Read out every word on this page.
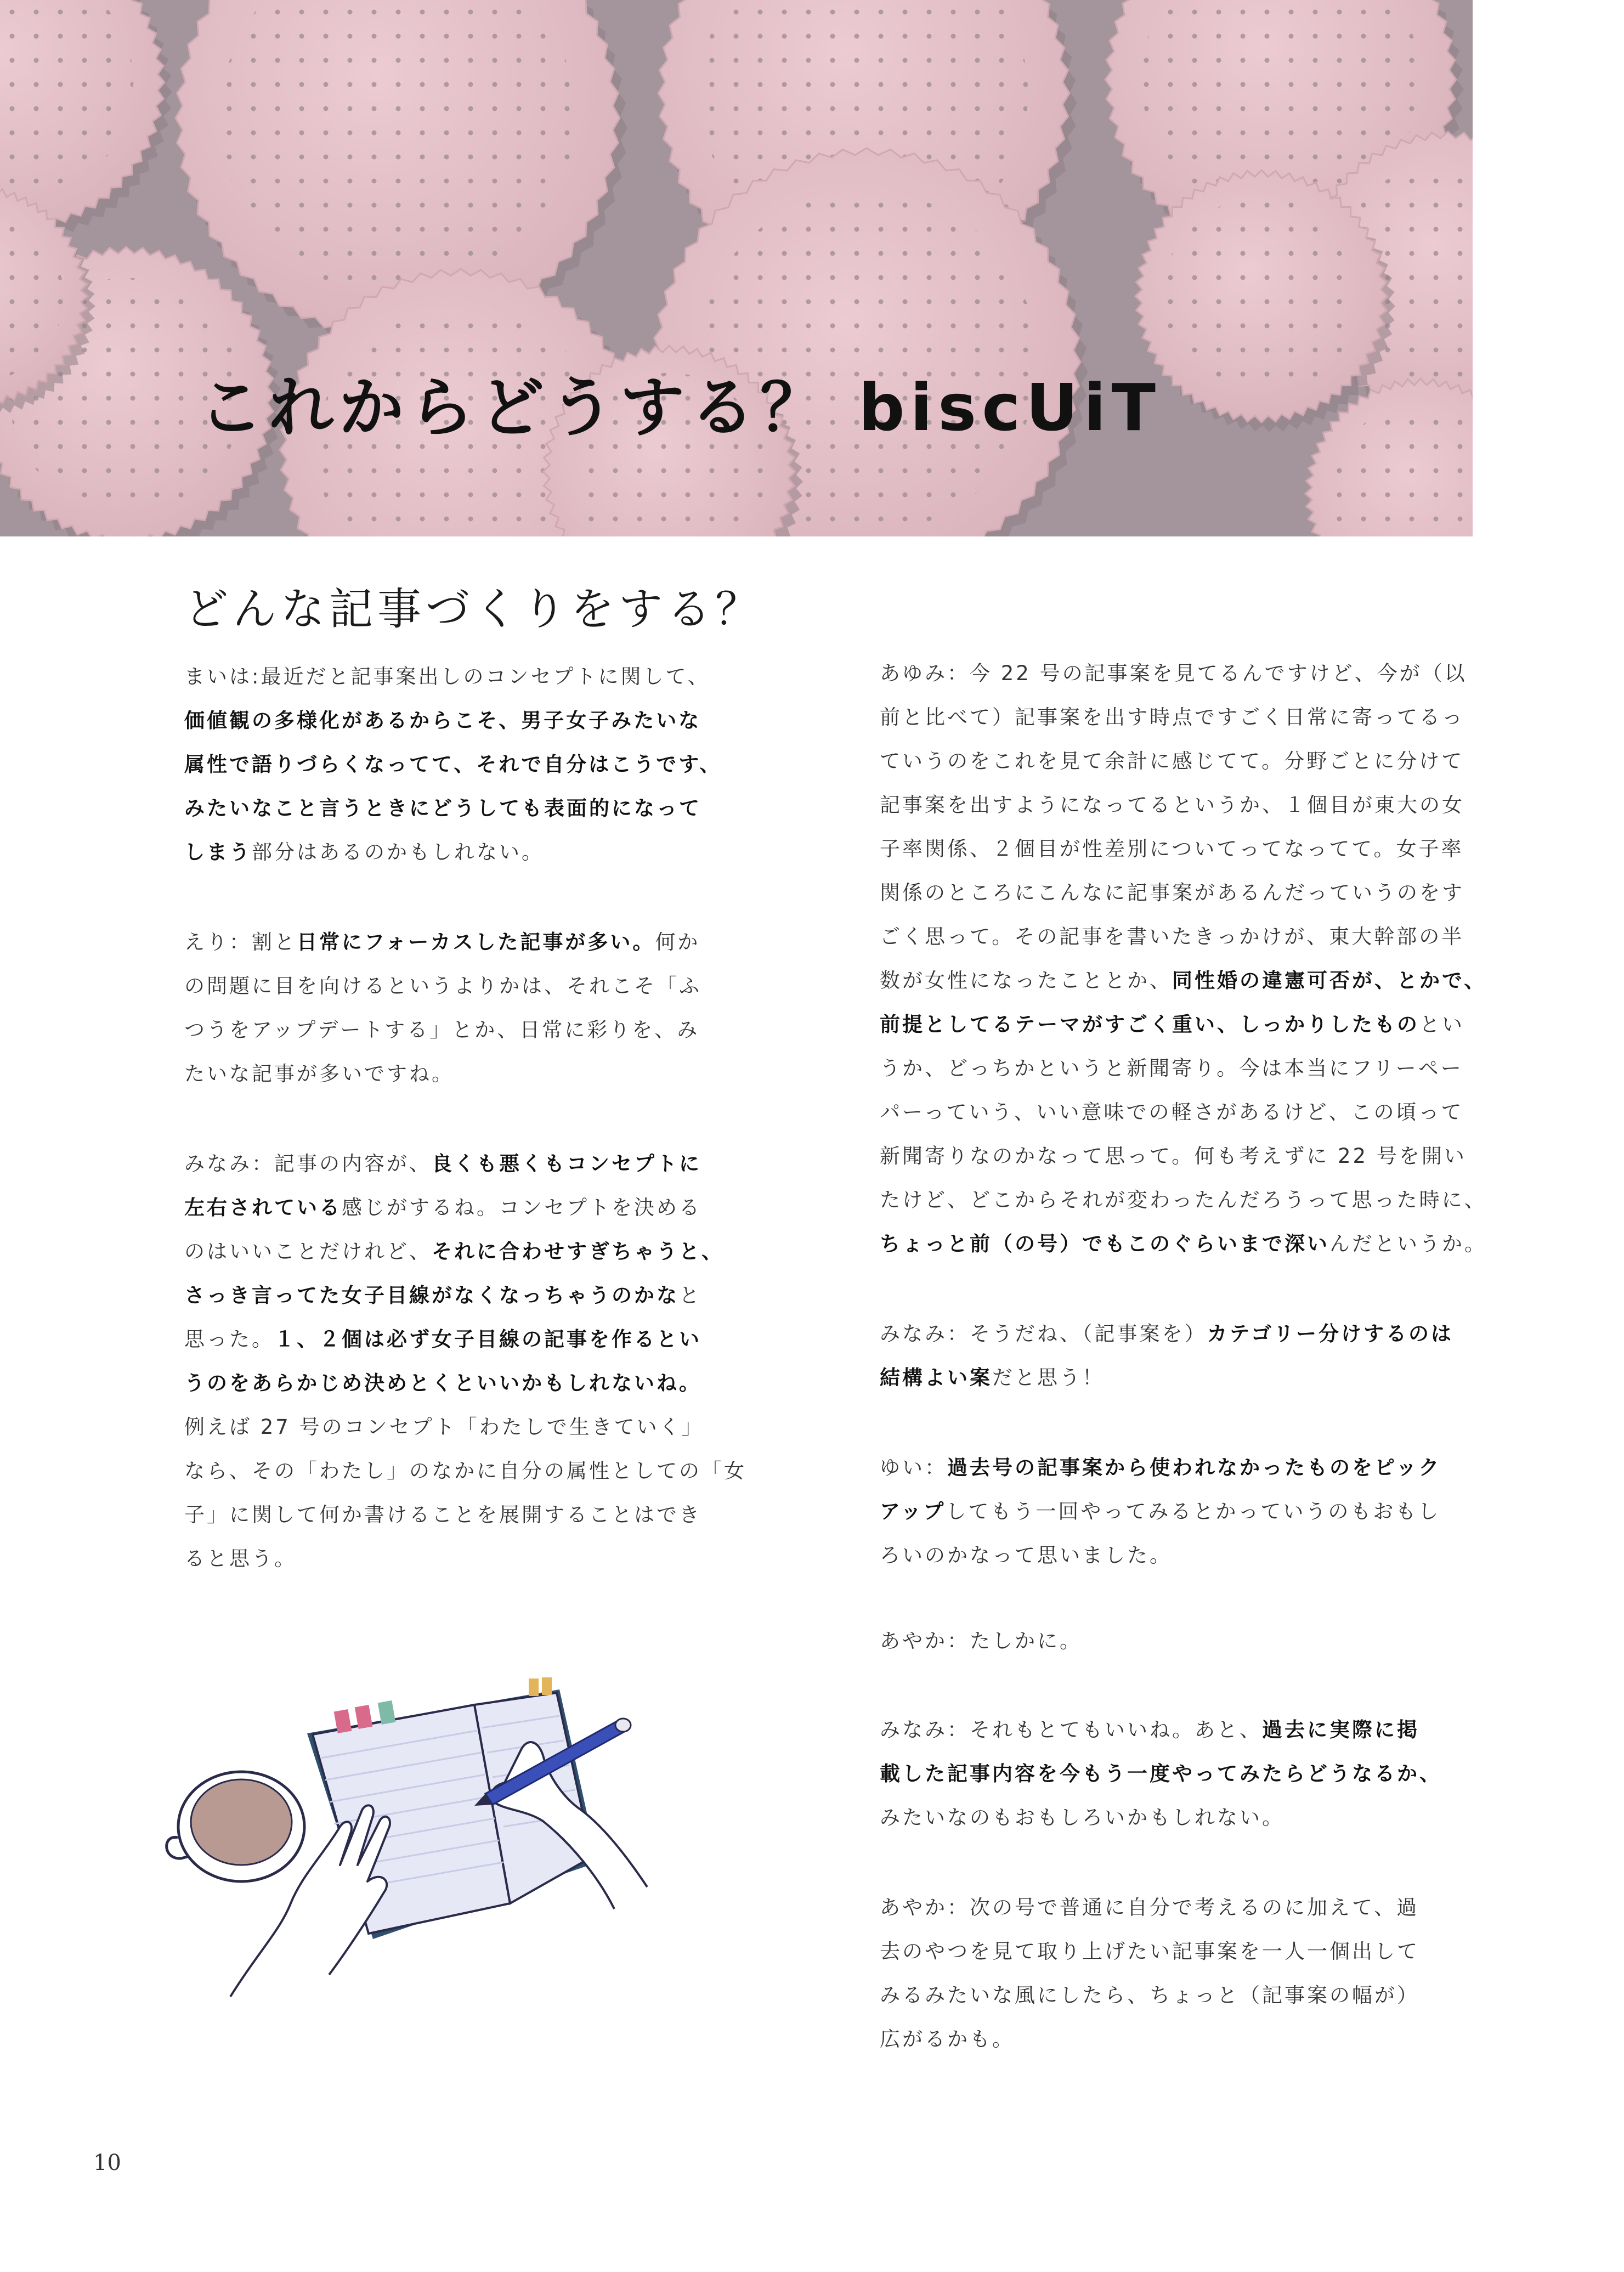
これからどうする？ biscUiT
どんな記事づくりをする？
まいは:最近だと記事案出しのコンセプトに関して、
価値観の多様化があるからこそ、男子女子みたいな
属性で語りづらくなってて、それで自分はこうです、
みたいなこと言うときにどうしても表面的になって
しまう部分はあるのかもしれない。
えり：割と日常にフォーカスした記事が多い。何か
の問題に目を向けるというよりかは、それこそ「ふ
つうをアップデートする」とか、日常に彩りを、み
たいな記事が多いですね。
みなみ：記事の内容が、良くも悪くもコンセプトに
左右されている感じがするね。コンセプトを決める
のはいいことだけれど、それに合わせすぎちゃうと、
さっき言ってた女子目線がなくなっちゃうのかなと
思った。１、２個は必ず女子目線の記事を作るとい
うのをあらかじめ決めとくといいかもしれないね。
例えば 27 号のコンセプト「わたしで生きていく」
なら、その「わたし」のなかに自分の属性としての「女
子」に関して何か書けることを展開することはでき
ると思う。
あゆみ：今 22 号の記事案を見てるんですけど、今が（以
前と比べて）記事案を出す時点ですごく日常に寄ってるっ
ていうのをこれを見て余計に感じてて。分野ごとに分けて
記事案を出すようになってるというか、１個目が東大の女
子率関係、２個目が性差別についてってなってて。女子率
関係のところにこんなに記事案があるんだっていうのをす
ごく思って。その記事を書いたきっかけが、東大幹部の半
数が女性になったこととか、同性婚の違憲可否が、とかで、
前提としてるテーマがすごく重い、しっかりしたものとい
うか、どっちかというと新聞寄り。今は本当にフリーペー
パーっていう、いい意味での軽さがあるけど、この頃って
新聞寄りなのかなって思って。何も考えずに 22 号を開い
たけど、どこからそれが変わったんだろうって思った時に、
ちょっと前（の号）でもこのぐらいまで深いんだというか。
みなみ：そうだね、（記事案を）カテゴリー分けするのは
結構よい案だと思う！
ゆい：過去号の記事案から使われなかったものをピック
アップしてもう一回やってみるとかっていうのもおもし
ろいのかなって思いました。
あやか：たしかに。
みなみ：それもとてもいいね。あと、過去に実際に掲
載した記事内容を今もう一度やってみたらどうなるか、
みたいなのもおもしろいかもしれない。
あやか：次の号で普通に自分で考えるのに加えて、過
去のやつを見て取り上げたい記事案を一人一個出して
みるみたいな風にしたら、ちょっと（記事案の幅が）
広がるかも。
10
